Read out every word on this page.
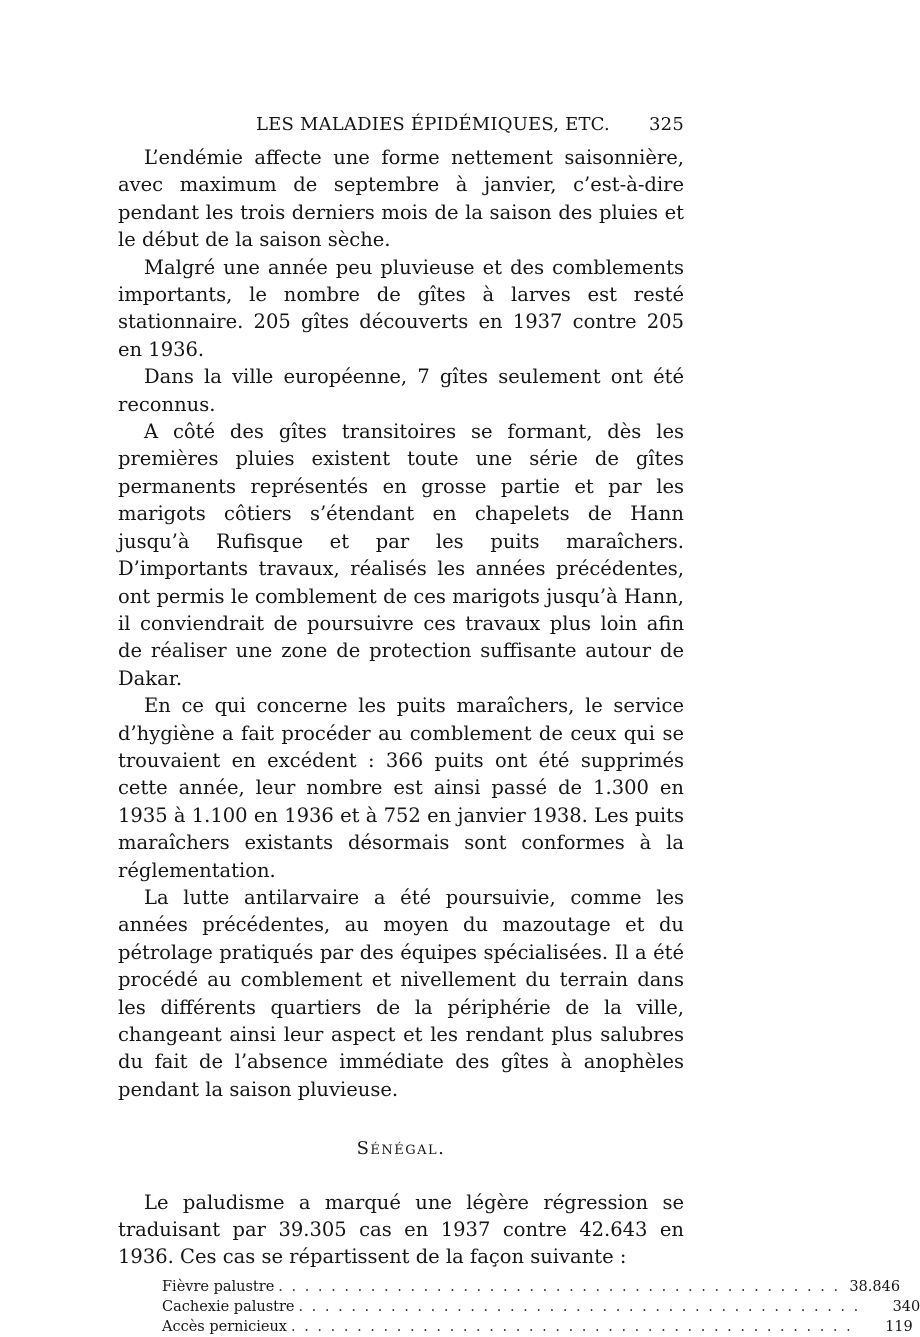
LES MALADIES ÉPIDÉMIQUES, ETC. 325

L’endémie affecte une forme nettement saisonnière, avec maximum de septembre à janvier, c’est-à-dire pendant les trois derniers mois de la saison des pluies et le début de la saison sèche.

Malgré une année peu pluvieuse et des comblements importants, le nombre de gîtes à larves est resté stationnaire. 205 gîtes découverts en 1937 contre 205 en 1936.

Dans la ville européenne, 7 gîtes seulement ont été reconnus.

A côté des gîtes transitoires se formant, dès les premières pluies existent toute une série de gîtes permanents représentés en grosse partie et par les marigots côtiers s’étendant en chapelets de Hann jusqu’à Rufisque et par les puits maraîchers. D’importants travaux, réalisés les années précédentes, ont permis le comblement de ces marigots jusqu’à Hann, il conviendrait de poursuivre ces travaux plus loin afin de réaliser une zone de protection suffisante autour de Dakar.

En ce qui concerne les puits maraîchers, le service d’hygiène a fait procéder au comblement de ceux qui se trouvaient en excédent : 366 puits ont été supprimés cette année, leur nombre est ainsi passé de 1.300 en 1935 à 1.100 en 1936 et à 752 en janvier 1938. Les puits maraîchers existants désormais sont conformes à la réglementation.

La lutte antilarvaire a été poursuivie, comme les années précédentes, au moyen du mazoutage et du pétrolage pratiqués par des équipes spécialisées. Il a été procédé au comblement et nivellement du terrain dans les différents quartiers de la périphérie de la ville, changeant ainsi leur aspect et les rendant plus salubres du fait de l’absence immédiate des gîtes à anophèles pendant la saison pluvieuse.

Sénégal.

Le paludisme a marqué une légère régression se traduisant par 39.305 cas en 1937 contre 42.643 en 1936. Ces cas se répartissent de la façon suivante :

Fièvre palustre . . . . . . . . . . . . . . . . . . . . . . . . . . . . . . . . . . . . . . . . . . . 38.846
Cachexie palustre . . . . . . . . . . . . . . . . . . . . . . . . . . . . . . . . . . . . . . . . . . .	340
Accès pernicieux . . . . . . . . . . . . . . . . . . . . . . . . . . . . . . . . . . . . . . . . . . .	119
